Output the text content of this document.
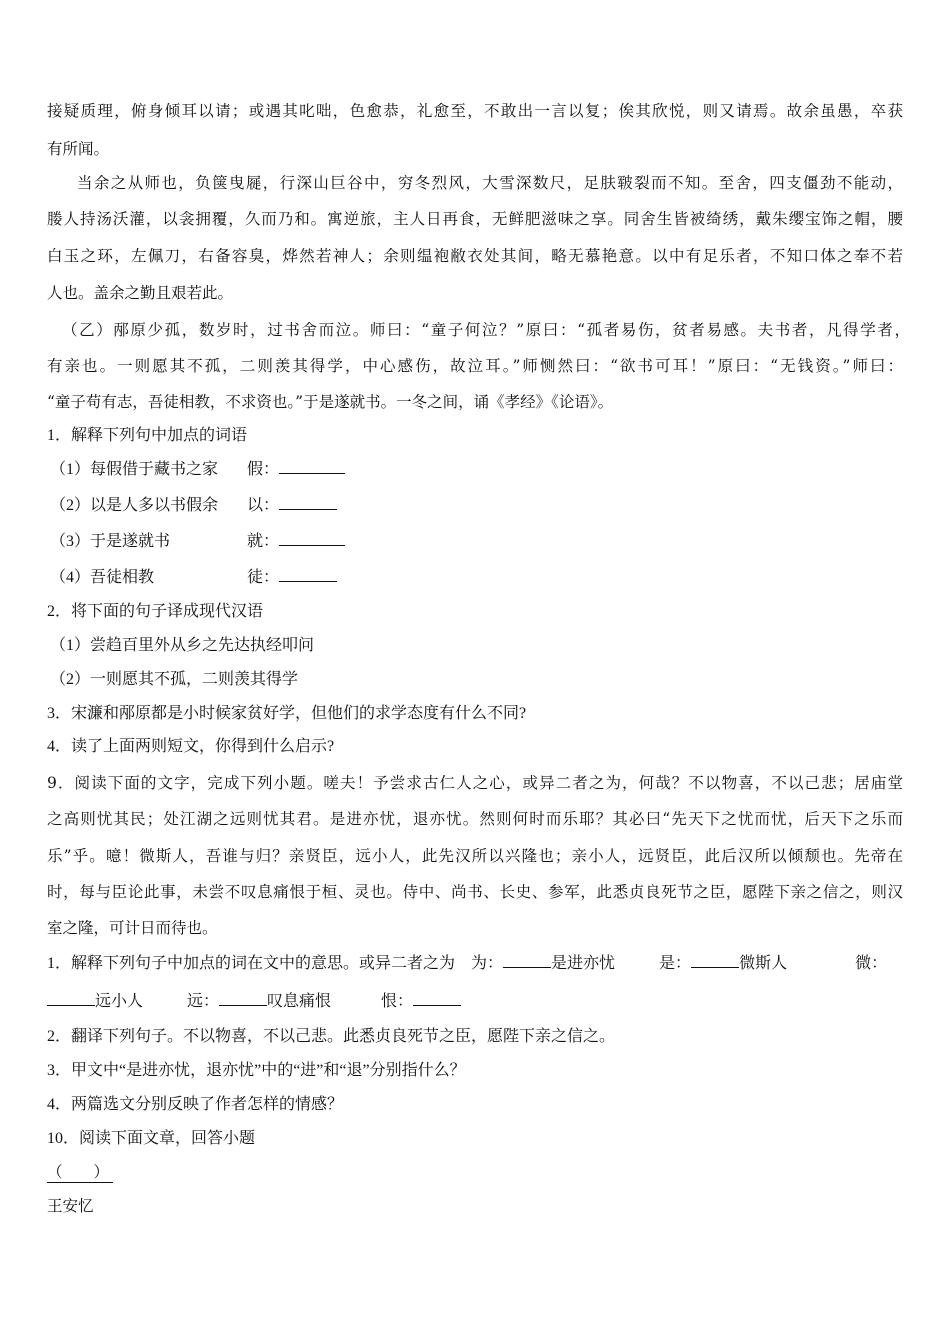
接疑质理，俯身倾耳以请；或遇其叱咄，色愈恭，礼愈至，不敢出一言以复；俟其欣悦，则又请焉。故余虽愚，卒获
有所闻。
当余之从师也，负箧曳屣，行深山巨谷中，穷冬烈风，大雪深数尺，足肤皲裂而不知。至舍，四支僵劲不能动，
媵人持汤沃灌，以衾拥覆，久而乃和。寓逆旅，主人日再食，无鲜肥滋味之享。同舍生皆被绮绣，戴朱缨宝饰之帽，腰
白玉之环，左佩刀，右备容臭，烨然若神人；余则缊袍敝衣处其间，略无慕艳意。以中有足乐者，不知口体之奉不若
人也。盖余之勤且艰若此。
（乙）邴原少孤，数岁时，过书舍而泣。师曰：“童子何泣？”原曰：“孤者易伤，贫者易感。夫书者，凡得学者，
有亲也。一则愿其不孤，二则羡其得学，中心感伤，故泣耳。”师恻然曰：“欲书可耳！”原曰：“无钱资。”师曰：
“童子苟有志，吾徒相教，不求资也。”于是遂就书。一冬之间，诵《孝经》《论语》。
1．解释下列句中加点的词语
（1）每假借于藏书之家 假：
（2）以是人多以书假余 以：
（3）于是遂就书	就：
（4）吾徒相教	徒：
2．将下面的句子译成现代汉语
（1）尝趋百里外从乡之先达执经叩问
（2）一则愿其不孤，二则羡其得学
3．宋濂和邴原都是小时候家贫好学，但他们的求学态度有什么不同?
4．读了上面两则短文，你得到什么启示?
9．阅读下面的文字，完成下列小题。嗟夫！予尝求古仁人之心，或异二者之为，何哉？不以物喜，不以己悲；居庙堂
之高则忧其民；处江湖之远则忧其君。是进亦忧，退亦忧。然则何时而乐耶？其必曰“先天下之忧而忧，后天下之乐而
乐”乎。噫！微斯人，吾谁与归？亲贤臣，远小人，此先汉所以兴隆也；亲小人，远贤臣，此后汉所以倾颓也。先帝在
时，每与臣论此事，未尝不叹息痛恨于桓、灵也。侍中、尚书、长史、参军，此悉贞良死节之臣，愿陛下亲之信之，则汉
室之隆，可计日而待也。
1．解释下列句子中加点的词在文中的意思。或异二者之为 为：	是进亦忧	是：	微斯人	微：
远小人	远：	叹息痛恨	恨：
2．翻译下列句子。不以物喜，不以己悲。此悉贞良死节之臣，愿陛下亲之信之。
3．甲文中“是进亦忧，退亦忧”中的“进”和“退”分别指什么？
4．两篇选文分别反映了作者怎样的情感？
10．阅读下面文章，回答小题
（　　）
王安忆
